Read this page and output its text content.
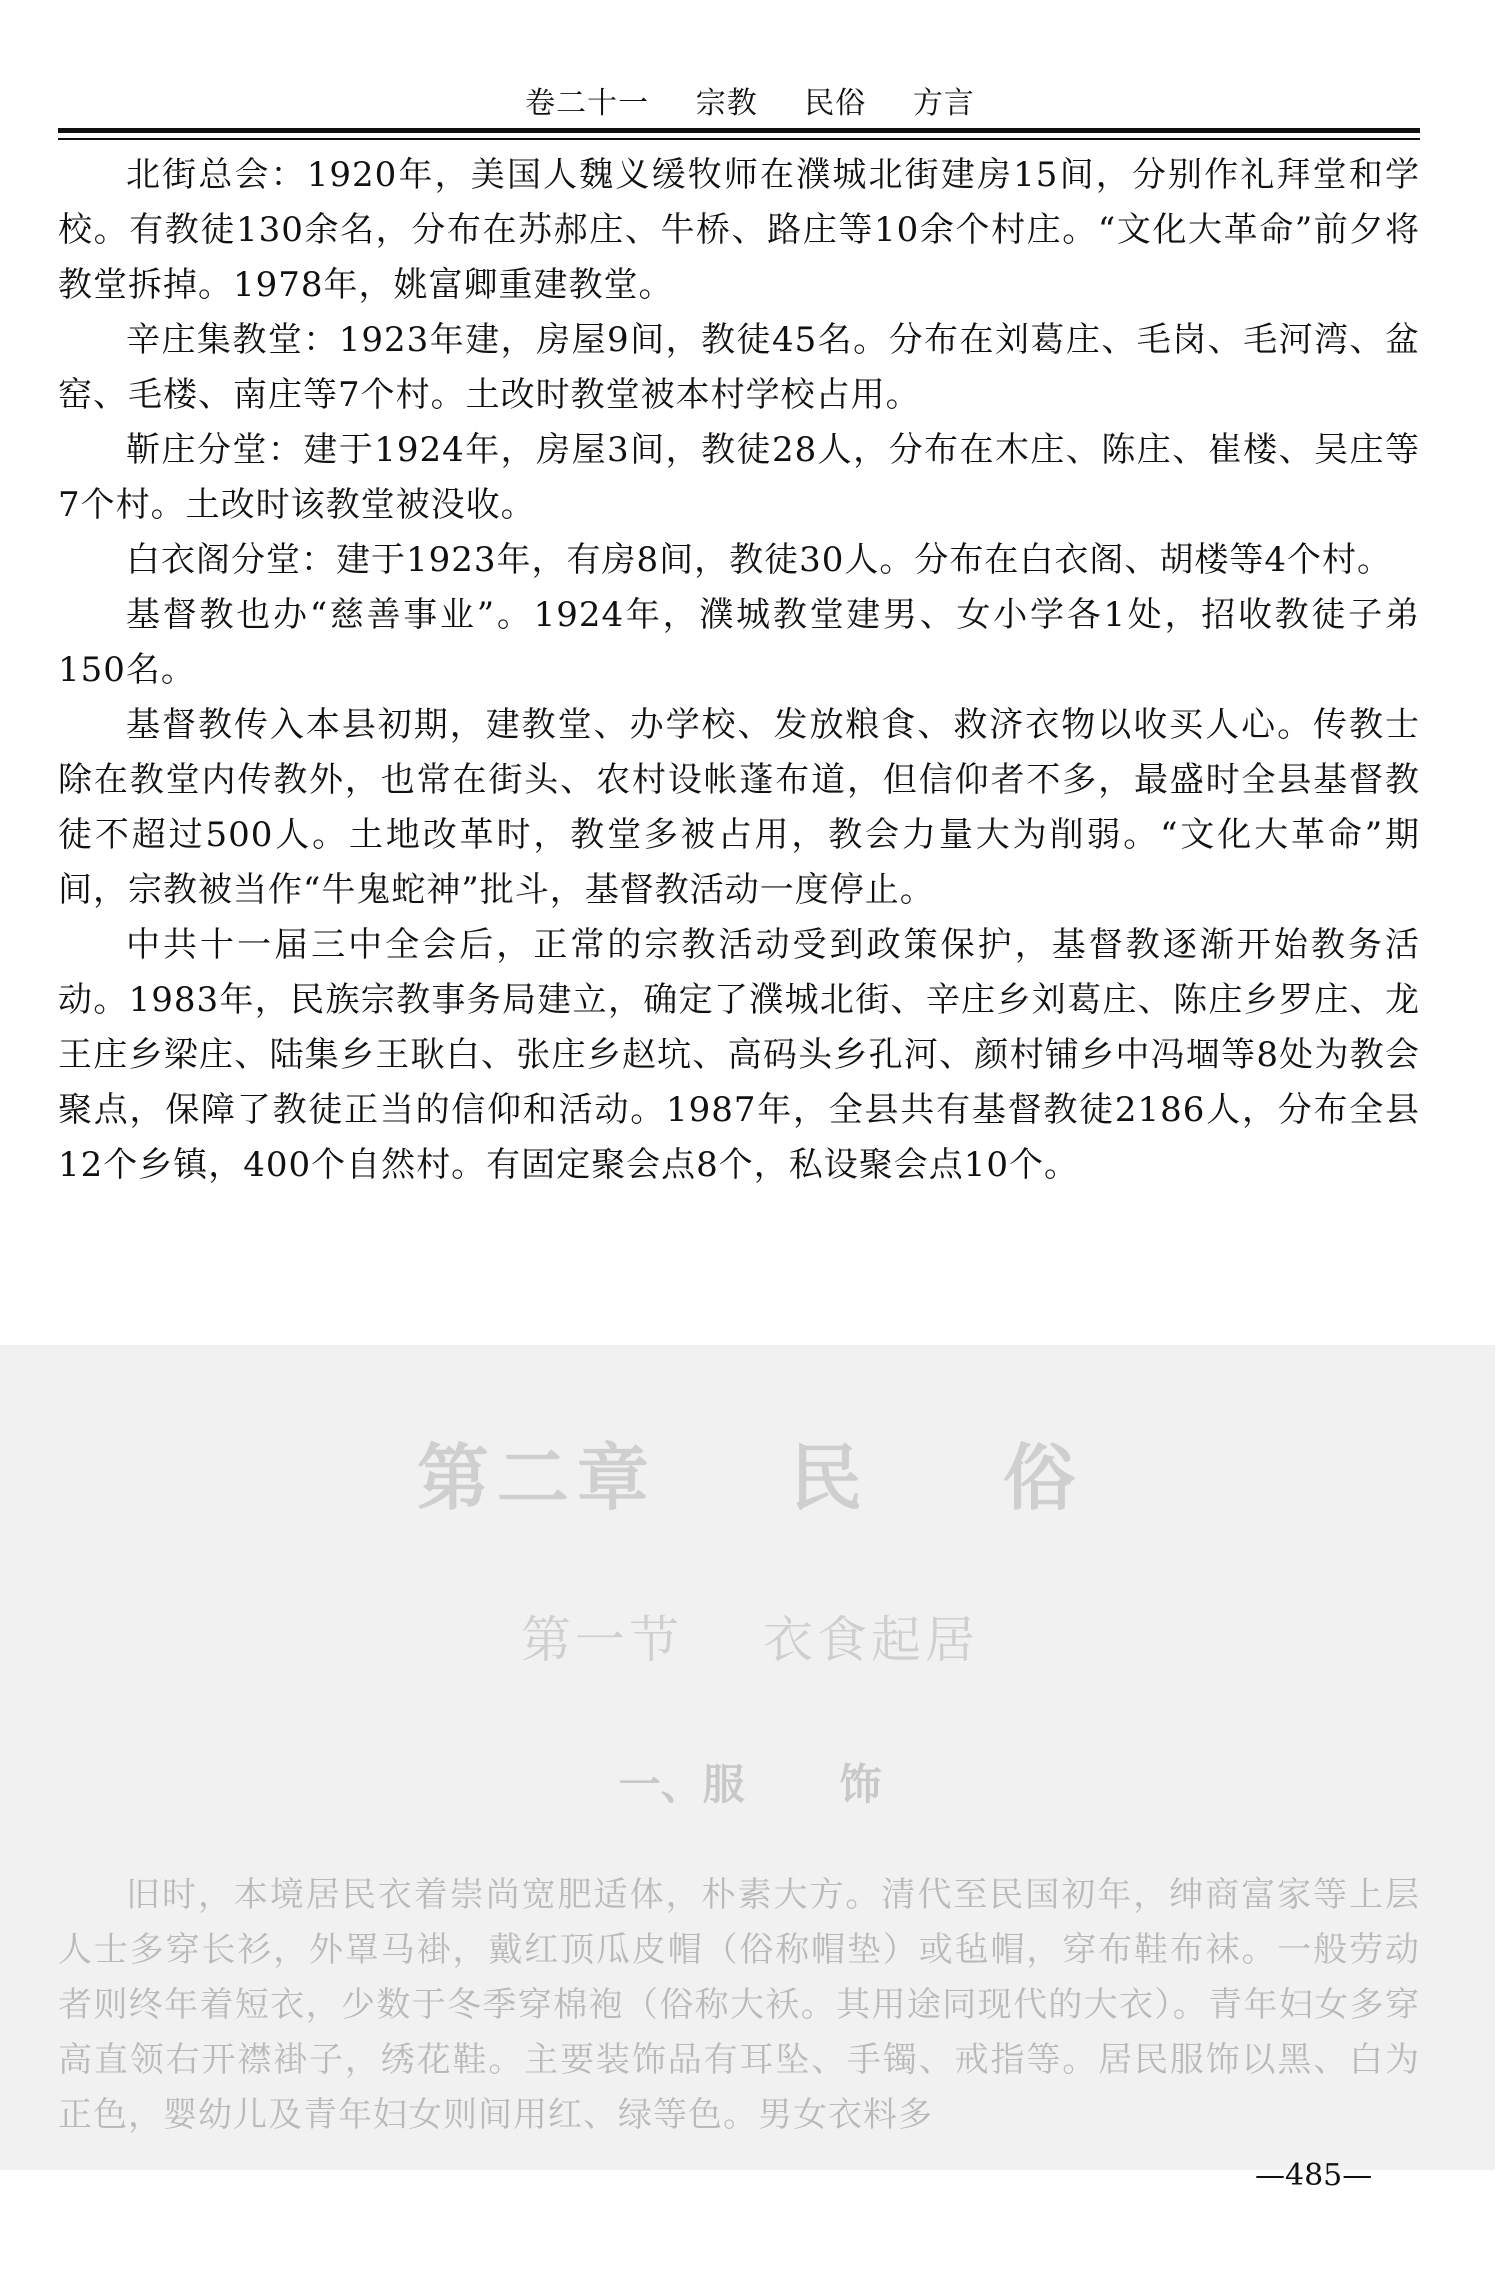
卷二十一 宗教 民俗 方言

北街总会：1920年，美国人魏义缓牧师在濮城北街建房15间，分别作礼拜堂和学校。有教徒130余名，分布在苏郝庄、牛桥、路庄等10余个村庄。“文化大革命”前夕将教堂拆掉。1978年，姚富卿重建教堂。

辛庄集教堂：1923年建，房屋9间，教徒45名。分布在刘葛庄、毛岗、毛河湾、盆窑、毛楼、南庄等7个村。土改时教堂被本村学校占用。

靳庄分堂：建于1924年，房屋3间，教徒28人，分布在木庄、陈庄、崔楼、吴庄等7个村。土改时该教堂被没收。

白衣阁分堂：建于1923年，有房8间，教徒30人。分布在白衣阁、胡楼等4个村。

基督教也办“慈善事业”。1924年，濮城教堂建男、女小学各1处，招收教徒子弟150名。

基督教传入本县初期，建教堂、办学校、发放粮食、救济衣物以收买人心。传教士除在教堂内传教外，也常在街头、农村设帐蓬布道，但信仰者不多，最盛时全县基督教徒不超过500人。土地改革时，教堂多被占用，教会力量大为削弱。“文化大革命”期间，宗教被当作“牛鬼蛇神”批斗，基督教活动一度停止。

中共十一届三中全会后，正常的宗教活动受到政策保护，基督教逐渐开始教务活动。1983年，民族宗教事务局建立，确定了濮城北街、辛庄乡刘葛庄、陈庄乡罗庄、龙王庄乡梁庄、陆集乡王耿白、张庄乡赵坑、高码头乡孔河、颜村铺乡中冯堌等8处为教会聚点，保障了教徒正当的信仰和活动。1987年，全县共有基督教徒2186人，分布全县12个乡镇，400个自然村。有固定聚会点8个，私设聚会点10个。

第二章 民 俗
第一节 衣食起居
一、服 饰

旧时，本境居民衣着崇尚宽肥适体，朴素大方。清代至民国初年，绅商富家等上层人士多穿长衫，外罩马褂，戴红顶瓜皮帽（俗称帽垫）或毡帽，穿布鞋布袜。一般劳动者则终年着短衣，少数于冬季穿棉袍（俗称大袄。其用途同现代的大衣）。青年妇女多穿高直领右开襟褂子，绣花鞋。主要装饰品有耳坠、手镯、戒指等。居民服饰以黑、白为正色，婴幼儿及青年妇女则间用红、绿等色。男女衣料多

—485—
